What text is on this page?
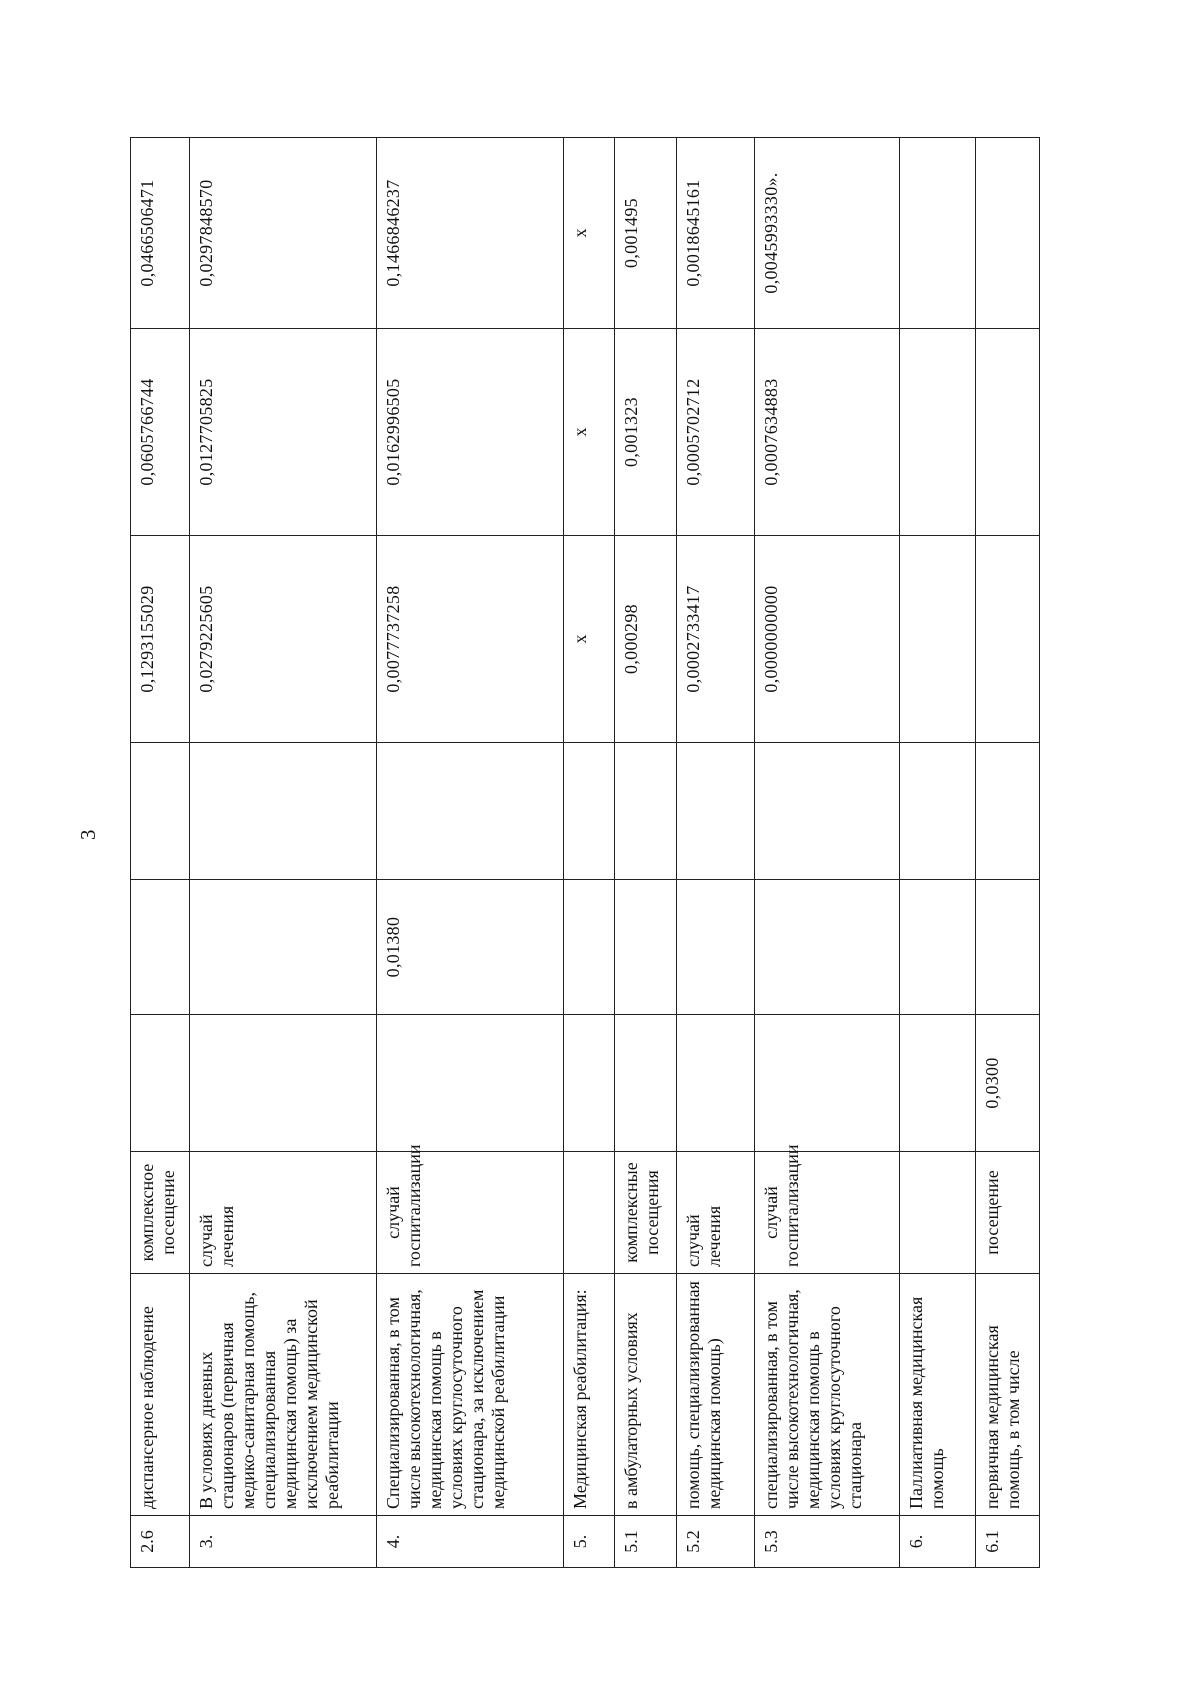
3
2.6	диспансерное наблюдение	комплексное посещение				0,1293155029	0,0605766744	0,0466506471
3.	В условиях дневных стационаров (первичная медико-санитарная помощь, специализированная медицинская помощь) за исключением медицинской реабилитации	случай лечения				0,0279225605	0,0127705825	0,0297848570
4.	Специализированная, в том числе высокотехнологичная, медицинская помощь в условиях круглосуточного стационара, за исключением медицинской реабилитации	случай госпитализации		0,01380		0,0077737258	0,0162996505	0,1466846237
5.	Медицинская реабилитация:					x	x	x
5.1	в амбулаторных условиях	комплексные посещения				0,000298	0,001323	0,001495
5.2	помощь, специализированная медицинская помощь)	случай лечения				0,0002733417	0,0005702712	0,0018645161
5.3	специализированная, в том числе высокотехнологичная, медицинская помощь в условиях круглосуточного стационара	случай госпитализации				0,0000000000	0,0007634883	0,0045993330».
6.	Паллиативная медицинская помощь							
6.1	первичная медицинская помощь, в том числе	посещение	0,0300					
